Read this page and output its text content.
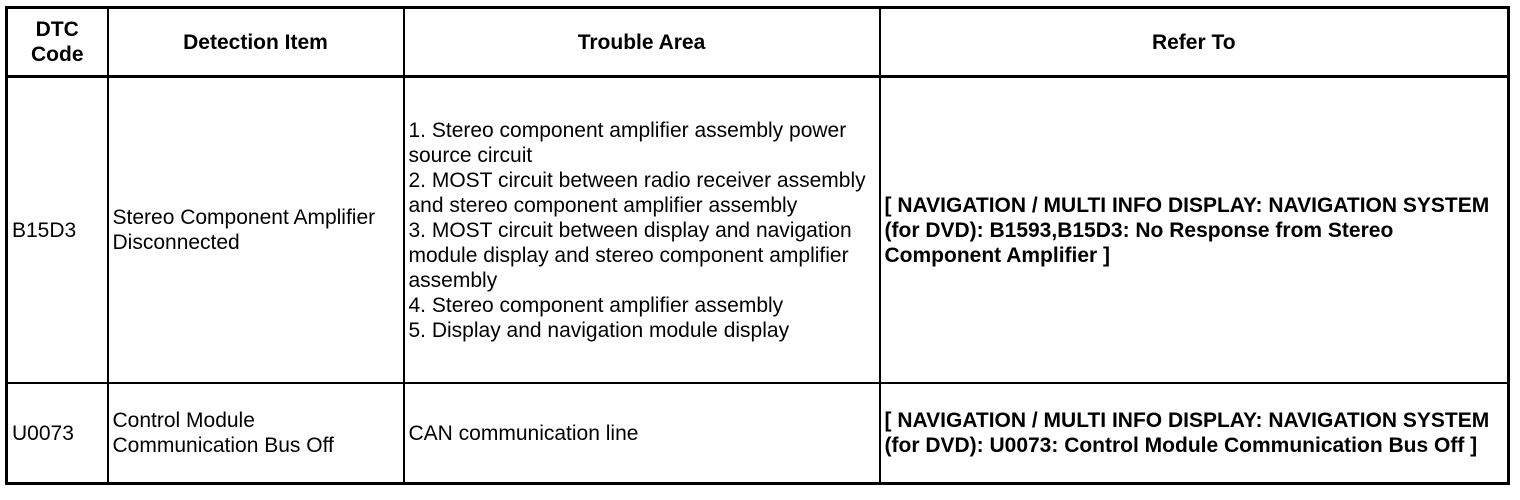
DTC Code	Detection Item	Trouble Area	Refer To
B15D3	Stereo Component Amplifier Disconnected	1. Stereo component amplifier assembly power source circuit
2. MOST circuit between radio receiver assembly and stereo component amplifier assembly
3. MOST circuit between display and navigation module display and stereo component amplifier assembly
4. Stereo component amplifier assembly
5. Display and navigation module display	[ NAVIGATION / MULTI INFO DISPLAY: NAVIGATION SYSTEM (for DVD): B1593,B15D3: No Response from Stereo Component Amplifier ]
U0073	Control Module Communication Bus Off	CAN communication line	[ NAVIGATION / MULTI INFO DISPLAY: NAVIGATION SYSTEM (for DVD): U0073: Control Module Communication Bus Off ]
